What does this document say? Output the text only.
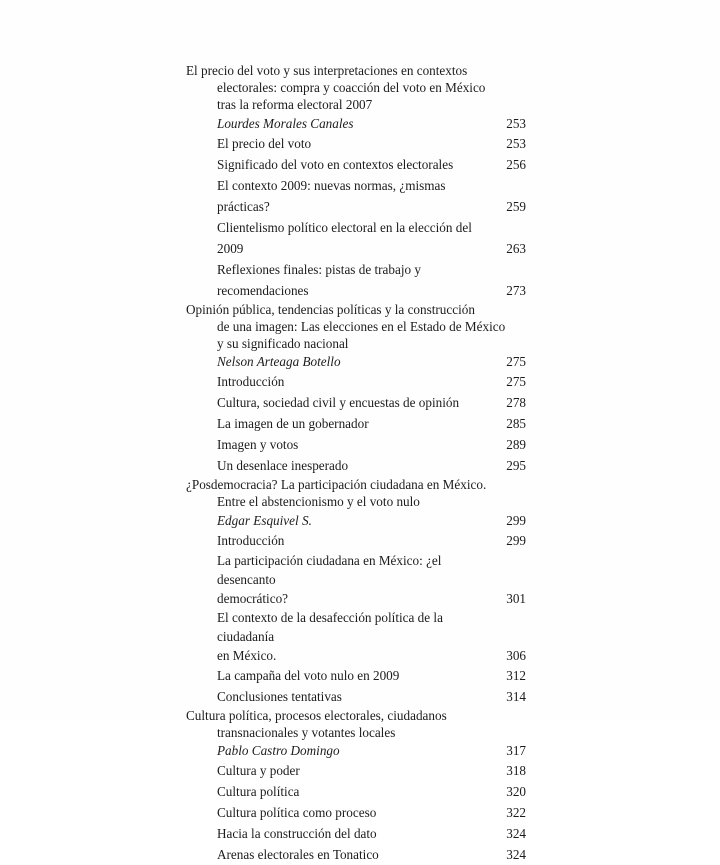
El precio del voto y sus interpretaciones en contextos
electorales: compra y coacción del voto en México
tras la reforma electoral 2007
Lourdes Morales Canales	253
El precio del voto	253
Significado del voto en contextos electorales	256
El contexto 2009: nuevas normas, ¿mismas prácticas?	259
Clientelismo político electoral en la elección del 2009	263
Reflexiones finales: pistas de trabajo y recomendaciones	273
Opinión pública, tendencias políticas y la construcción
de una imagen: Las elecciones en el Estado de México
y su significado nacional
Nelson Arteaga Botello	275
Introducción	275
Cultura, sociedad civil y encuestas de opinión	278
La imagen de un gobernador	285
Imagen y votos	289
Un desenlace inesperado	295
¿Posdemocracia? La participación ciudadana en México.
Entre el abstencionismo y el voto nulo
Edgar Esquivel S.	299
Introducción	299
La participación ciudadana en México: ¿el desencanto
democrático?	301
El contexto de la desafección política de la ciudadanía
en México.	306
La campaña del voto nulo en 2009	312
Conclusiones tentativas	314
Cultura política, procesos electorales, ciudadanos
transnacionales y votantes locales
Pablo Castro Domingo	317
Cultura y poder	318
Cultura política	320
Cultura política como proceso	322
Hacia la construcción del dato	324
Arenas electorales en Tonatico	324
